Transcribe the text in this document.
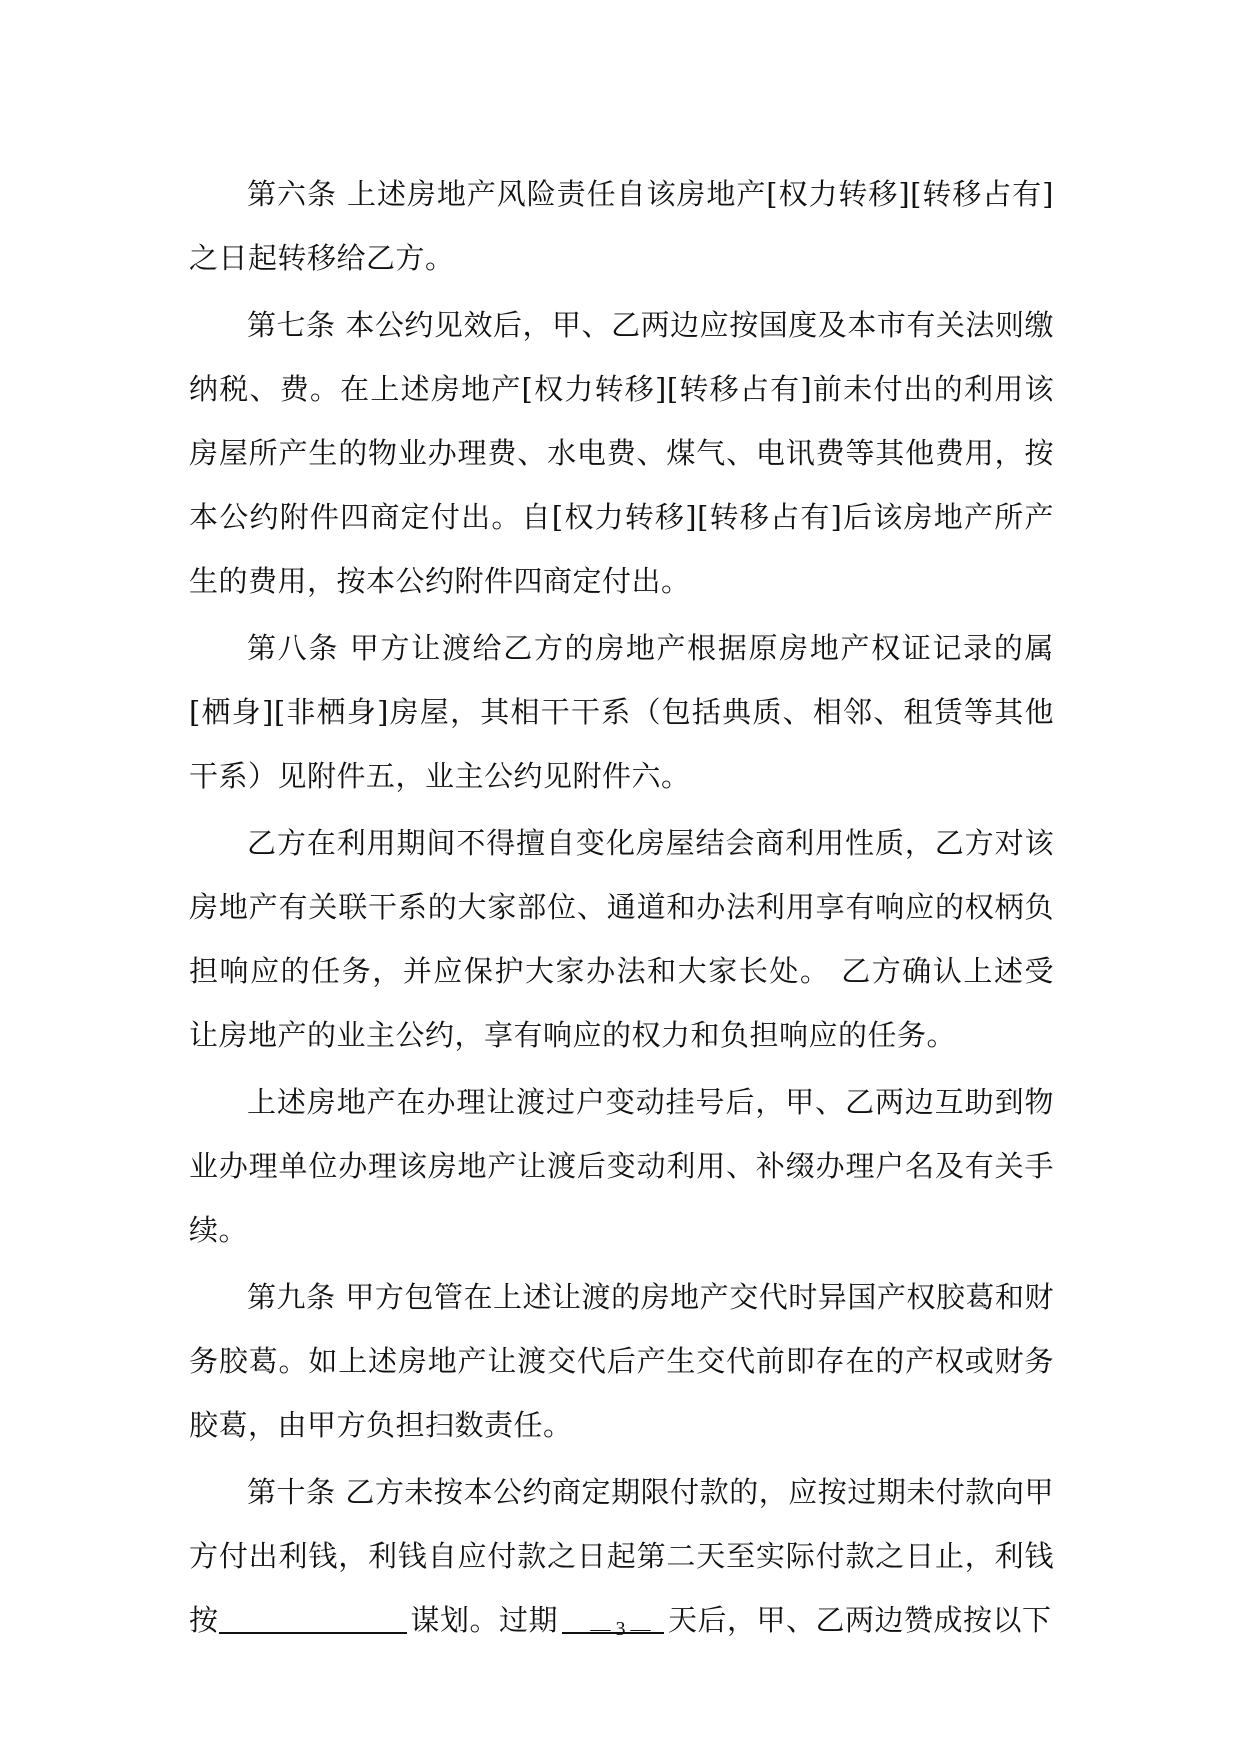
第六条 上述房地产风险责任自该房地产[权力转移][转移占有]之日起转移给乙方。

第七条 本公约见效后，甲、乙两边应按国度及本市有关法则缴纳税、费。在上述房地产[权力转移][转移占有]前未付出的利用该房屋所产生的物业办理费、水电费、煤气、电讯费等其他费用，按本公约附件四商定付出。自[权力转移][转移占有]后该房地产所产生的费用，按本公约附件四商定付出。

第八条 甲方让渡给乙方的房地产根据原房地产权证记录的属[栖身][非栖身]房屋，其相干干系（包括典质、相邻、租赁等其他干系）见附件五，业主公约见附件六。

乙方在利用期间不得擅自变化房屋结会商利用性质，乙方对该房地产有关联干系的大家部位、通道和办法利用享有响应的权柄负担响应的任务，并应保护大家办法和大家长处。 乙方确认上述受让房地产的业主公约，享有响应的权力和负担响应的任务。

上述房地产在办理让渡过户变动挂号后，甲、乙两边互助到物业办理单位办理该房地产让渡后变动利用、补缀办理户名及有关手续。

第九条 甲方包管在上述让渡的房地产交代时异国产权胶葛和财务胶葛。如上述房地产让渡交代后产生交代前即存在的产权或财务胶葛，由甲方负担扫数责任。

第十条 乙方未按本公约商定期限付款的，应按过期未付款向甲方付出利钱，利钱自应付款之日起第二天至实际付款之日止，利钱按	谋划。过期	天后，甲、乙两边赞成按以下

— 3 —
